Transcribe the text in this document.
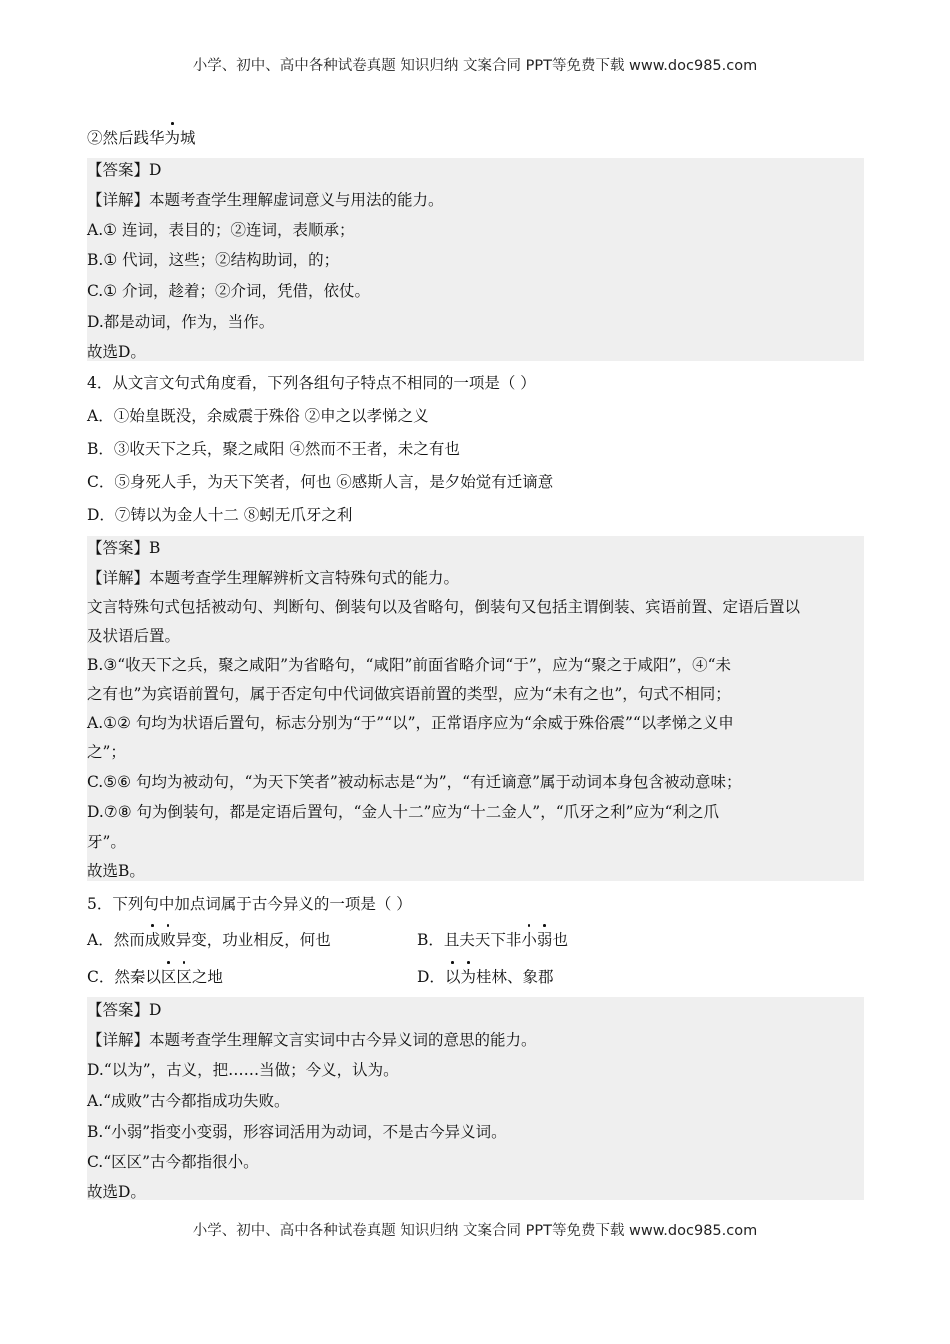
小学、初中、高中各种试卷真题 知识归纳 文案合同 PPT等免费下载 www.doc985.com
②然后践华为城
【答案】D
【详解】本题考查学生理解虚词意义与用法的能力。
A.① 连词，表目的；②连词，表顺承；
B.① 代词，这些；②结构助词，的；
C.① 介词，趁着；②介词，凭借，依仗。
D.都是动词，作为，当作。
故选D。
4．从文言文句式角度看，下列各组句子特点不相同的一项是（ ）
A．①始皇既没，余威震于殊俗 ②申之以孝悌之义
B．③收天下之兵，聚之咸阳 ④然而不王者，未之有也
C．⑤身死人手，为天下笑者，何也 ⑥感斯人言，是夕始觉有迁谪意
D．⑦铸以为金人十二 ⑧蚓无爪牙之利
【答案】B
【详解】本题考查学生理解辨析文言特殊句式的能力。
文言特殊句式包括被动句、判断句、倒装句以及省略句，倒装句又包括主谓倒装、宾语前置、定语后置以
及状语后置。
B.③“收天下之兵，聚之咸阳”为省略句，“咸阳”前面省略介词“于”，应为“聚之于咸阳”，④“未
之有也”为宾语前置句，属于否定句中代词做宾语前置的类型，应为“未有之也”，句式不相同；
A.①② 句均为状语后置句，标志分别为“于”“以”，正常语序应为“余威于殊俗震”“以孝悌之义申
之”；
C.⑤⑥ 句均为被动句，“为天下笑者”被动标志是“为”，“有迁谪意”属于动词本身包含被动意味；
D.⑦⑧ 句为倒装句，都是定语后置句，“金人十二”应为“十二金人”，“爪牙之利”应为“利之爪
牙”。
故选B。
5．下列句中加点词属于古今异义的一项是（ ）
A．然而成败异变，功业相反，何也	B．且夫天下非小弱也
C．然秦以区区之地	D．以为桂林、象郡
【答案】D
【详解】本题考查学生理解文言实词中古今异义词的意思的能力。
D.“以为”，古义，把……当做；今义，认为。
A.“成败”古今都指成功失败。
B.“小弱”指变小变弱，形容词活用为动词，不是古今异义词。
C.“区区”古今都指很小。
故选D。
小学、初中、高中各种试卷真题 知识归纳 文案合同 PPT等免费下载 www.doc985.com
